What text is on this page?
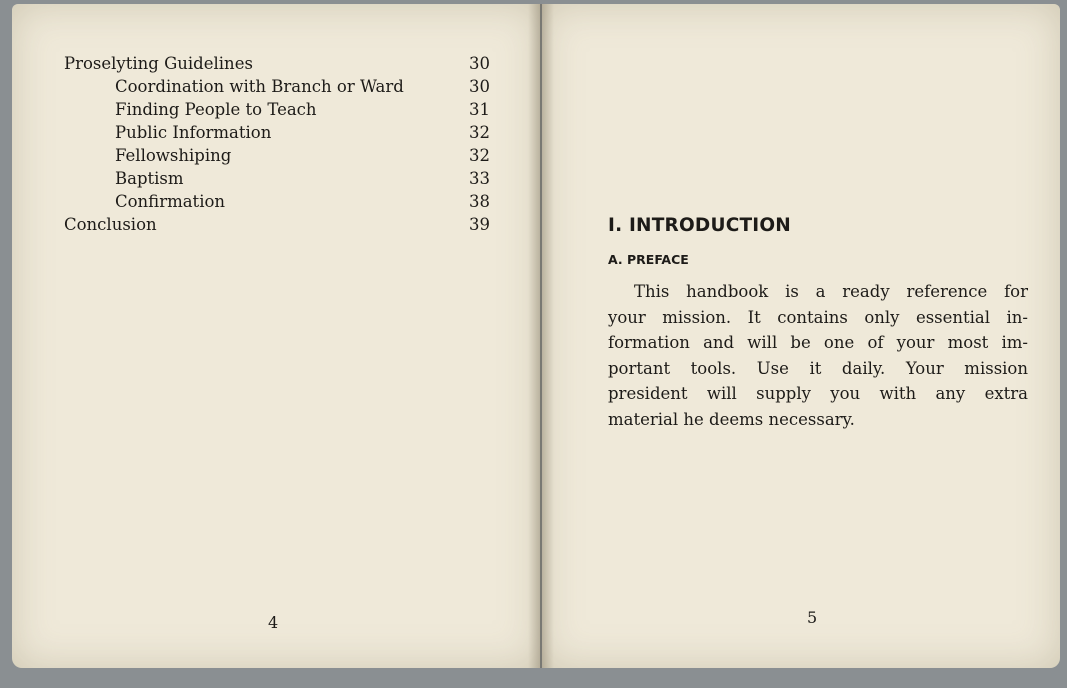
Proselyting Guidelines	30
Coordination with Branch or Ward	30
Finding People to Teach	31
Public Information	32
Fellowshiping	32
Baptism	33
Confirmation	38
Conclusion	39
4
I. INTRODUCTION
A. PREFACE
This handbook is a ready reference for
your mission. It contains only essential in-
formation and will be one of your most im-
portant tools. Use it daily. Your mission
president will supply you with any extra
material he deems necessary.
5
